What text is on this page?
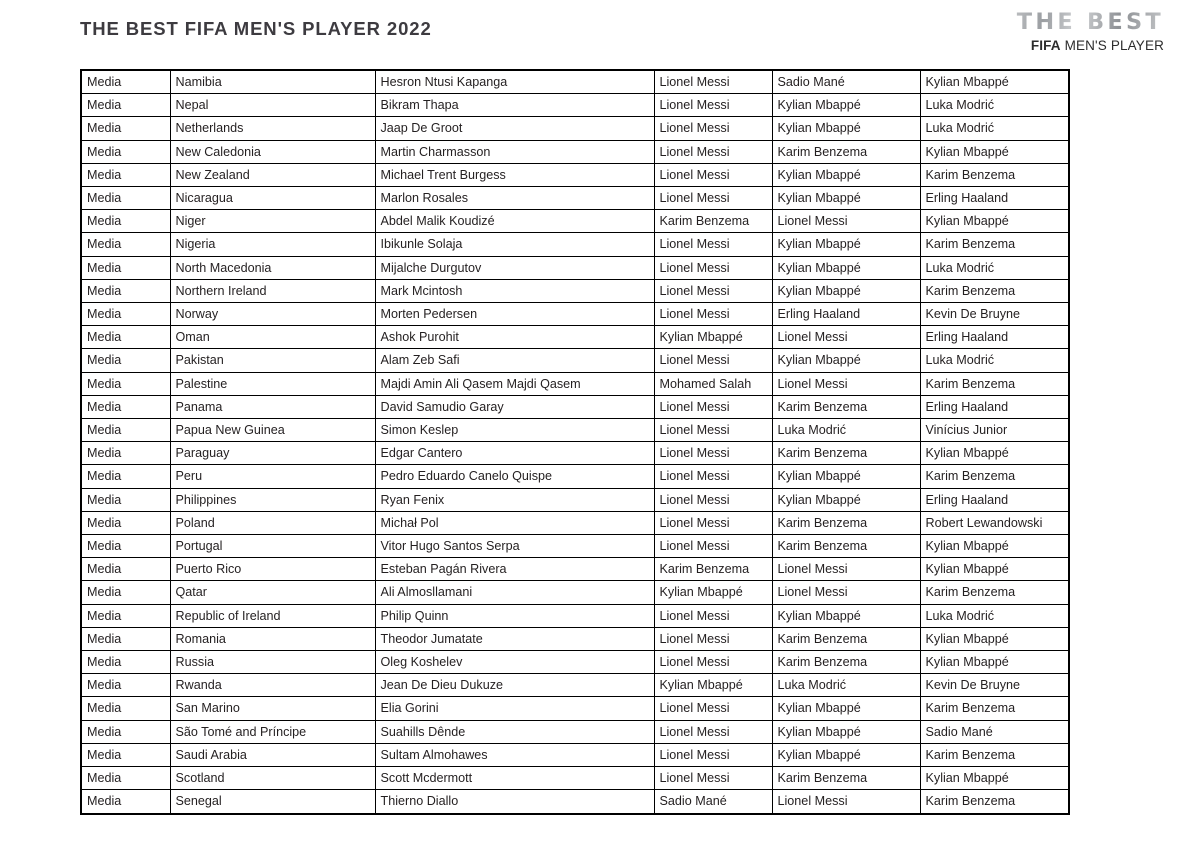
THE BEST FIFA MEN'S PLAYER 2022	THE BEST
FIFA MEN'S PLAYER
Media	Namibia	Hesron Ntusi Kapanga	Lionel Messi	Sadio Mané	Kylian Mbappé
Media	Nepal	Bikram Thapa	Lionel Messi	Kylian Mbappé	Luka Modrić
Media	Netherlands	Jaap De Groot	Lionel Messi	Kylian Mbappé	Luka Modrić
Media	New Caledonia	Martin Charmasson	Lionel Messi	Karim Benzema	Kylian Mbappé
Media	New Zealand	Michael Trent Burgess	Lionel Messi	Kylian Mbappé	Karim Benzema
Media	Nicaragua	Marlon Rosales	Lionel Messi	Kylian Mbappé	Erling Haaland
Media	Niger	Abdel Malik Koudizé	Karim Benzema	Lionel Messi	Kylian Mbappé
Media	Nigeria	Ibikunle Solaja	Lionel Messi	Kylian Mbappé	Karim Benzema
Media	North Macedonia	Mijalche Durgutov	Lionel Messi	Kylian Mbappé	Luka Modrić
Media	Northern Ireland	Mark Mcintosh	Lionel Messi	Kylian Mbappé	Karim Benzema
Media	Norway	Morten Pedersen	Lionel Messi	Erling Haaland	Kevin De Bruyne
Media	Oman	Ashok Purohit	Kylian Mbappé	Lionel Messi	Erling Haaland
Media	Pakistan	Alam Zeb Safi	Lionel Messi	Kylian Mbappé	Luka Modrić
Media	Palestine	Majdi Amin Ali Qasem Majdi Qasem	Mohamed Salah	Lionel Messi	Karim Benzema
Media	Panama	David Samudio Garay	Lionel Messi	Karim Benzema	Erling Haaland
Media	Papua New Guinea	Simon Keslep	Lionel Messi	Luka Modrić	Vinícius Junior
Media	Paraguay	Edgar Cantero	Lionel Messi	Karim Benzema	Kylian Mbappé
Media	Peru	Pedro Eduardo Canelo Quispe	Lionel Messi	Kylian Mbappé	Karim Benzema
Media	Philippines	Ryan Fenix	Lionel Messi	Kylian Mbappé	Erling Haaland
Media	Poland	Michał Pol	Lionel Messi	Karim Benzema	Robert Lewandowski
Media	Portugal	Vitor Hugo Santos Serpa	Lionel Messi	Karim Benzema	Kylian Mbappé
Media	Puerto Rico	Esteban Pagán Rivera	Karim Benzema	Lionel Messi	Kylian Mbappé
Media	Qatar	Ali Almosllamani	Kylian Mbappé	Lionel Messi	Karim Benzema
Media	Republic of Ireland	Philip Quinn	Lionel Messi	Kylian Mbappé	Luka Modrić
Media	Romania	Theodor Jumatate	Lionel Messi	Karim Benzema	Kylian Mbappé
Media	Russia	Oleg Koshelev	Lionel Messi	Karim Benzema	Kylian Mbappé
Media	Rwanda	Jean De Dieu Dukuze	Kylian Mbappé	Luka Modrić	Kevin De Bruyne
Media	San Marino	Elia Gorini	Lionel Messi	Kylian Mbappé	Karim Benzema
Media	São Tomé and Príncipe	Suahills Dênde	Lionel Messi	Kylian Mbappé	Sadio Mané
Media	Saudi Arabia	Sultam Almohawes	Lionel Messi	Kylian Mbappé	Karim Benzema
Media	Scotland	Scott Mcdermott	Lionel Messi	Karim Benzema	Kylian Mbappé
Media	Senegal	Thierno Diallo	Sadio Mané	Lionel Messi	Karim Benzema
